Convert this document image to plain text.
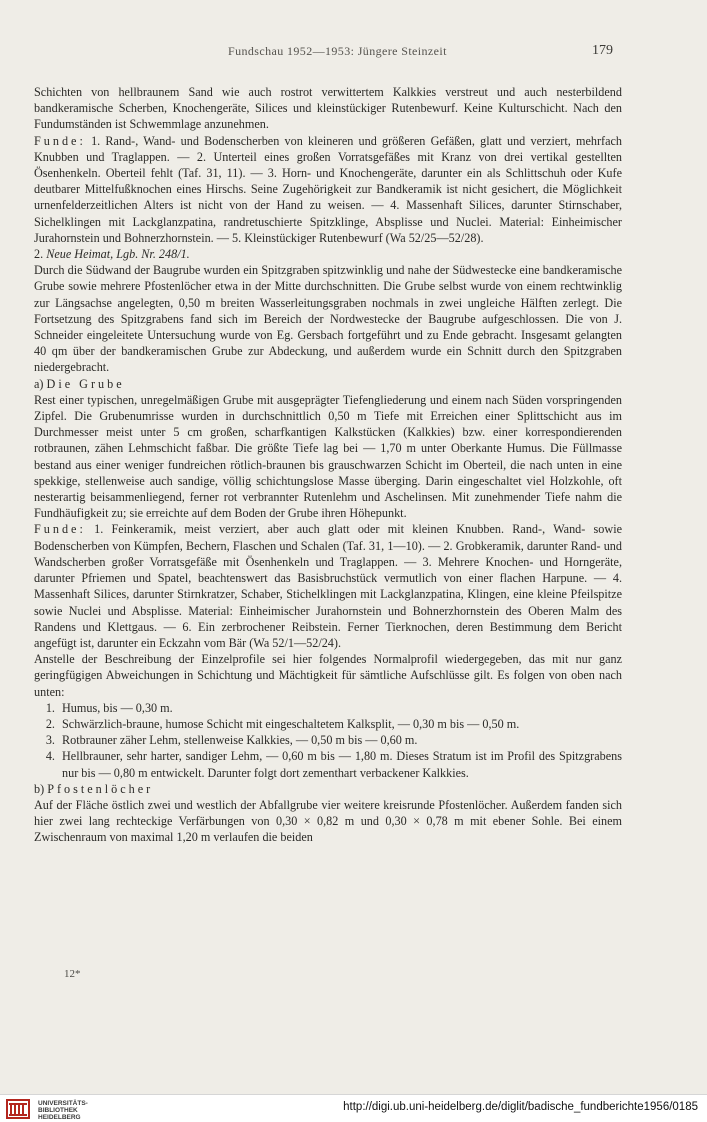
Fundschau 1952—1953: Jüngere Steinzeit	179

Schichten von hellbraunem Sand wie auch rostrot verwittertem Kalkkies verstreut und auch nesterbildend bandkeramische Scherben, Knochengeräte, Silices und kleinstückiger Rutenbewurf. Keine Kulturschicht. Nach den Fundumständen ist Schwemmlage anzunehmen.

Funde: 1. Rand-, Wand- und Bodenscherben von kleineren und größeren Gefäßen, glatt und verziert, mehrfach Knubben und Traglappen. — 2. Unterteil eines großen Vorratsgefäßes mit Kranz von drei vertikal gestellten Ösenhenkeln. Oberteil fehlt (Taf. 31, 11). — 3. Horn- und Knochengeräte, darunter ein als Schlittschuh oder Kufe deutbarer Mittelfußknochen eines Hirschs. Seine Zugehörigkeit zur Bandkeramik ist nicht gesichert, die Möglichkeit urnenfelderzeitlichen Alters ist nicht von der Hand zu weisen. — 4. Massenhaft Silices, darunter Stirnschaber, Sichelklingen mit Lackglanzpatina, randretuschierte Spitzklinge, Absplisse und Nuclei. Material: Einheimischer Jurahornstein und Bohnerzhornstein. — 5. Kleinstückiger Rutenbewurf (Wa 52/25—52/28).

2. Neue Heimat, Lgb. Nr. 248/1.

Durch die Südwand der Baugrube wurden ein Spitzgraben spitzwinklig und nahe der Südwestecke eine bandkeramische Grube sowie mehrere Pfostenlöcher etwa in der Mitte durchschnitten. Die Grube selbst wurde von einem rechtwinklig zur Längsachse angelegten, 0,50 m breiten Wasserleitungsgraben nochmals in zwei ungleiche Hälften zerlegt. Die Fortsetzung des Spitzgrabens fand sich im Bereich der Nordwestecke der Baugrube aufgeschlossen. Die von J. Schneider eingeleitete Untersuchung wurde von Eg. Gersbach fortgeführt und zu Ende gebracht. Insgesamt gelangten 40 qm über der bandkeramischen Grube zur Abdeckung, und außerdem wurde ein Schnitt durch den Spitzgraben niedergebracht.

a) Die Grube

Rest einer typischen, unregelmäßigen Grube mit ausgeprägter Tiefengliederung und einem nach Süden vorspringenden Zipfel. Die Grubenumrisse wurden in durchschnittlich 0,50 m Tiefe mit Erreichen einer Splittschicht aus im Durchmesser meist unter 5 cm großen, scharfkantigen Kalkstücken (Kalkkies) bzw. einer korrespondierenden rotbraunen, zähen Lehmschicht faßbar. Die größte Tiefe lag bei — 1,70 m unter Oberkante Humus. Die Füllmasse bestand aus einer weniger fundreichen rötlich-braunen bis grauschwarzen Schicht im Oberteil, die nach unten in eine spekkige, stellenweise auch sandige, völlig schichtungslose Masse überging. Darin eingeschaltet viel Holzkohle, oft nesterartig beisammenliegend, ferner rot verbrannter Rutenlehm und Aschelinsen. Mit zunehmender Tiefe nahm die Fundhäufigkeit zu; sie erreichte auf dem Boden der Grube ihren Höhepunkt.

Funde: 1. Feinkeramik, meist verziert, aber auch glatt oder mit kleinen Knubben. Rand-, Wand- sowie Bodenscherben von Kümpfen, Bechern, Flaschen und Schalen (Taf. 31, 1—10). — 2. Grobkeramik, darunter Rand- und Wandscherben großer Vorratsgefäße mit Ösenhenkeln und Traglappen. — 3. Mehrere Knochen- und Horngeräte, darunter Pfriemen und Spatel, beachtenswert das Basisbruchstück vermutlich von einer flachen Harpune. — 4. Massenhaft Silices, darunter Stirnkratzer, Schaber, Stichelklingen mit Lackglanzpatina, Klingen, eine kleine Pfeilspitze sowie Nuclei und Absplisse. Material: Einheimischer Jurahornstein und Bohnerzhornstein des Oberen Malm des Randens und Klettgaus. — 6. Ein zerbrochener Reibstein. Ferner Tierknochen, deren Bestimmung dem Bericht angefügt ist, darunter ein Eckzahn vom Bär (Wa 52/1—52/24).

Anstelle der Beschreibung der Einzelprofile sei hier folgendes Normalprofil wiedergegeben, das mit nur ganz geringfügigen Abweichungen in Schichtung und Mächtigkeit für sämtliche Aufschlüsse gilt. Es folgen von oben nach unten:

1. Humus, bis — 0,30 m.
2. Schwärzlich-braune, humose Schicht mit eingeschaltetem Kalksplit, — 0,30 m bis — 0,50 m.
3. Rotbrauner zäher Lehm, stellenweise Kalkkies, — 0,50 m bis — 0,60 m.
4. Hellbrauner, sehr harter, sandiger Lehm, — 0,60 m bis — 1,80 m. Dieses Stratum ist im Profil des Spitzgrabens nur bis — 0,80 m entwickelt. Darunter folgt dort zementhart verbackener Kalkkies.

b) Pfostenlöcher

Auf der Fläche östlich zwei und westlich der Abfallgrube vier weitere kreisrunde Pfostenlöcher. Außerdem fanden sich hier zwei lang rechteckige Verfärbungen von 0,30 × 0,82 m und 0,30 × 0,78 m mit ebener Sohle. Bei einem Zwischenraum von maximal 1,20 m verlaufen die beiden

12*
UNIVERSITÄTS-
BIBLIOTHEK
HEIDELBERG
http://digi.ub.uni-heidelberg.de/diglit/badische_fundberichte1956/0185
